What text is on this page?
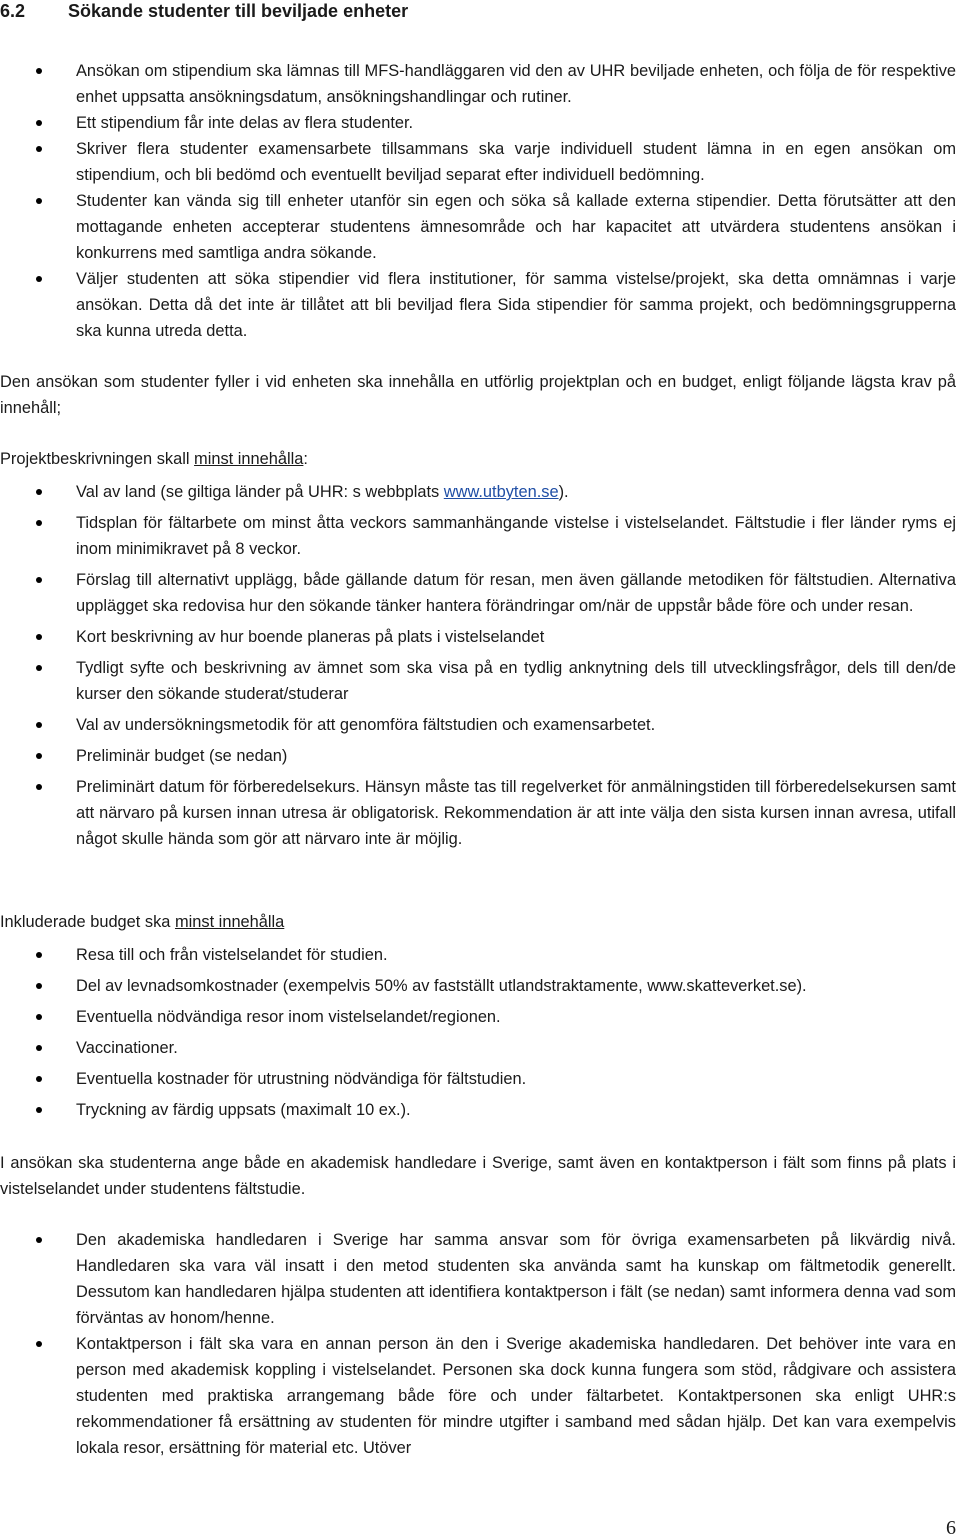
6.2 Sökande studenter till beviljade enheter
Ansökan om stipendium ska lämnas till MFS-handläggaren vid den av UHR beviljade enheten, och följa de för respektive enhet uppsatta ansökningsdatum, ansökningshandlingar och rutiner.
Ett stipendium får inte delas av flera studenter.
Skriver flera studenter examensarbete tillsammans ska varje individuell student lämna in en egen ansökan om stipendium, och bli bedömd och eventuellt beviljad separat efter individuell bedömning.
Studenter kan vända sig till enheter utanför sin egen och söka så kallade externa stipendier. Detta förutsätter att den mottagande enheten accepterar studentens ämnesområde och har kapacitet att utvärdera studentens ansökan i konkurrens med samtliga andra sökande.
Väljer studenten att söka stipendier vid flera institutioner, för samma vistelse/projekt, ska detta omnämnas i varje ansökan. Detta då det inte är tillåtet att bli beviljad flera Sida stipendier för samma projekt, och bedömningsgrupperna ska kunna utreda detta.
Den ansökan som studenter fyller i vid enheten ska innehålla en utförlig projektplan och en budget, enligt följande lägsta krav på innehåll;
Projektbeskrivningen skall minst innehålla:
Val av land (se giltiga länder på UHR: s webbplats www.utbyten.se).
Tidsplan för fältarbete om minst åtta veckors sammanhängande vistelse i vistelselandet. Fältstudie i fler länder ryms ej inom minimikravet på 8 veckor.
Förslag till alternativt upplägg, både gällande datum för resan, men även gällande metodiken för fältstudien. Alternativa upplägget ska redovisa hur den sökande tänker hantera förändringar om/när de uppstår både före och under resan.
Kort beskrivning av hur boende planeras på plats i vistelselandet
Tydligt syfte och beskrivning av ämnet som ska visa på en tydlig anknytning dels till utvecklingsfrågor, dels till den/de kurser den sökande studerat/studerar
Val av undersökningsmetodik för att genomföra fältstudien och examensarbetet.
Preliminär budget (se nedan)
Preliminärt datum för förberedelsekurs. Hänsyn måste tas till regelverket för anmälningstiden till förberedelsekursen samt att närvaro på kursen innan utresa är obligatorisk. Rekommendation är att inte välja den sista kursen innan avresa, utifall något skulle hända som gör att närvaro inte är möjlig.
Inkluderade budget ska minst innehålla
Resa till och från vistelselandet för studien.
Del av levnadsomkostnader (exempelvis 50% av fastställt utlandstraktamente, www.skatteverket.se).
Eventuella nödvändiga resor inom vistelselandet/regionen.
Vaccinationer.
Eventuella kostnader för utrustning nödvändiga för fältstudien.
Tryckning av färdig uppsats (maximalt 10 ex.).
I ansökan ska studenterna ange både en akademisk handledare i Sverige, samt även en kontaktperson i fält som finns på plats i vistelselandet under studentens fältstudie.
Den akademiska handledaren i Sverige har samma ansvar som för övriga examensarbeten på likvärdig nivå. Handledaren ska vara väl insatt i den metod studenten ska använda samt ha kunskap om fältmetodik generellt. Dessutom kan handledaren hjälpa studenten att identifiera kontaktperson i fält (se nedan) samt informera denna vad som förväntas av honom/henne.
Kontaktperson i fält ska vara en annan person än den i Sverige akademiska handledaren. Det behöver inte vara en person med akademisk koppling i vistelselandet. Personen ska dock kunna fungera som stöd, rådgivare och assistera studenten med praktiska arrangemang både före och under fältarbetet. Kontaktpersonen ska enligt UHR:s rekommendationer få ersättning av studenten för mindre utgifter i samband med sådan hjälp. Det kan vara exempelvis lokala resor, ersättning för material etc. Utöver
6
